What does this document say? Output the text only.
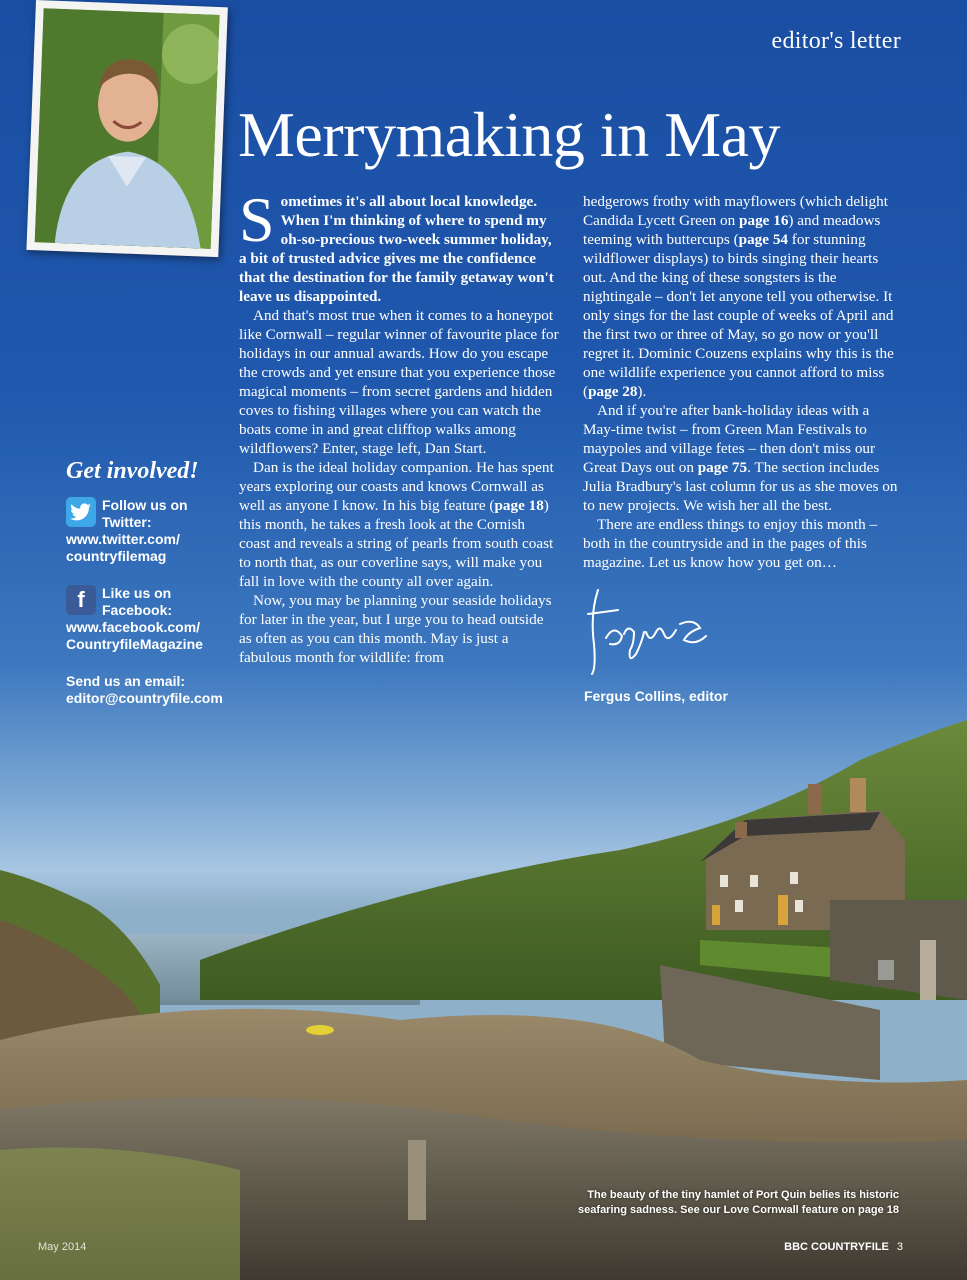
editor's letter
Merrymaking in May

Sometimes it's all about local knowledge. When I'm thinking of where to spend my oh-so-precious two-week summer holiday, a bit of trusted advice gives me the confidence that the destination for the family getaway won't leave us disappointed.

And that's most true when it comes to a honeypot like Cornwall – regular winner of favourite place for holidays in our annual awards. How do you escape the crowds and yet ensure that you experience those magical moments – from secret gardens and hidden coves to fishing villages where you can watch the boats come in and great clifftop walks among wildflowers? Enter, stage left, Dan Start.

Dan is the ideal holiday companion. He has spent years exploring our coasts and knows Cornwall as well as anyone I know. In his big feature (page 18) this month, he takes a fresh look at the Cornish coast and reveals a string of pearls from south coast to north that, as our coverline says, will make you fall in love with the county all over again.

Now, you may be planning your seaside holidays for later in the year, but I urge you to head outside as often as you can this month. May is just a fabulous month for wildlife: from

hedgerows frothy with mayflowers (which delight Candida Lycett Green on page 16) and meadows teeming with buttercups (page 54 for stunning wildflower displays) to birds singing their hearts out. And the king of these songsters is the nightingale – don't let anyone tell you otherwise. It only sings for the last couple of weeks of April and the first two or three of May, so go now or you'll regret it. Dominic Couzens explains why this is the one wildlife experience you cannot afford to miss (page 28).

And if you're after bank-holiday ideas with a May-time twist – from Green Man Festivals to maypoles and village fetes – then don't miss our Great Days out on page 75. The section includes Julia Bradbury's last column for us as she moves on to new projects. We wish her all the best.

There are endless things to enjoy this month – both in the countryside and in the pages of this magazine. Let us know how you get on…

Get involved!
Follow us on Twitter:
www.twitter.com/ countryfilemag
f	Like us on Facebook:
www.facebook.com/ CountryfileMagazine
Send us an email:
editor@countryfile.com	Fergus Collins, editor
The beauty of the tiny hamlet of Port Quin belies its historic seafaring sadness. See our Love Cornwall feature on page 18
May 2014	BBC COUNTRYFILE 3
